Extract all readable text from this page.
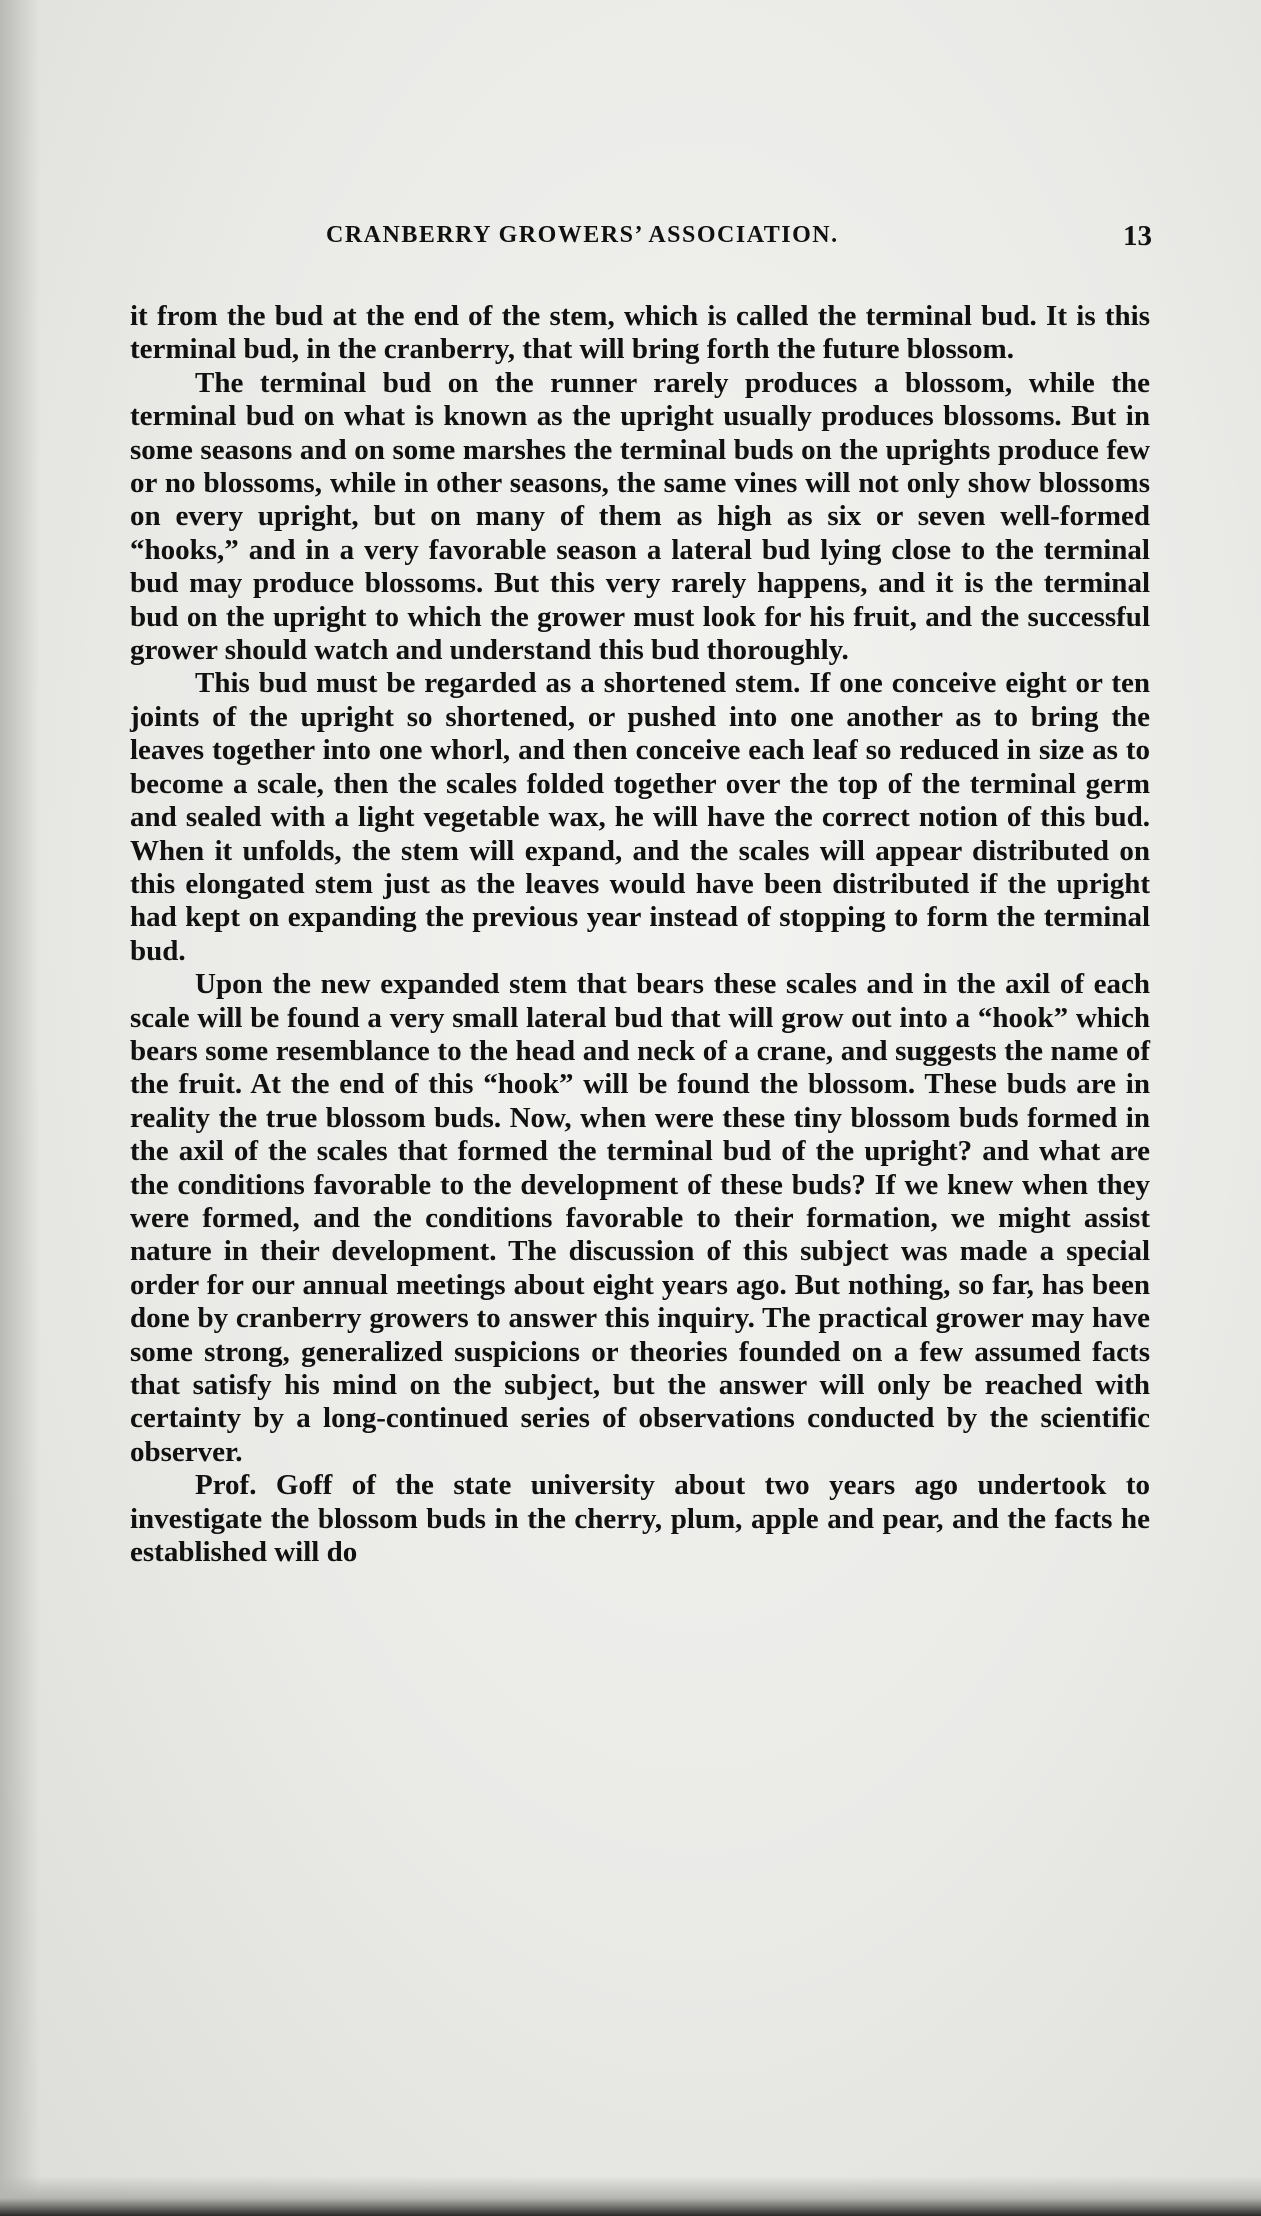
CRANBERRY GROWERS’ ASSOCIATION.	13

it from the bud at the end of the stem, which is called the terminal bud. It is this terminal bud, in the cranberry, that will bring forth the future blossom.

The terminal bud on the runner rarely produces a blossom, while the terminal bud on what is known as the upright usually produces blossoms. But in some seasons and on some marshes the terminal buds on the uprights produce few or no blossoms, while in other seasons, the same vines will not only show blossoms on every upright, but on many of them as high as six or seven well-formed “hooks,” and in a very favorable season a lateral bud lying close to the terminal bud may produce blossoms. But this very rarely happens, and it is the terminal bud on the upright to which the grower must look for his fruit, and the successful grower should watch and understand this bud thoroughly.

This bud must be regarded as a shortened stem. If one conceive eight or ten joints of the upright so shortened, or pushed into one another as to bring the leaves together into one whorl, and then conceive each leaf so reduced in size as to become a scale, then the scales folded together over the top of the terminal germ and sealed with a light vegetable wax, he will have the correct notion of this bud. When it unfolds, the stem will expand, and the scales will appear distributed on this elongated stem just as the leaves would have been distributed if the upright had kept on expanding the previous year instead of stopping to form the terminal bud.

Upon the new expanded stem that bears these scales and in the axil of each scale will be found a very small lateral bud that will grow out into a “hook” which bears some resemblance to the head and neck of a crane, and suggests the name of the fruit. At the end of this “hook” will be found the blossom. These buds are in reality the true blossom buds. Now, when were these tiny blossom buds formed in the axil of the scales that formed the terminal bud of the upright? and what are the conditions favorable to the development of these buds? If we knew when they were formed, and the conditions favorable to their formation, we might assist nature in their development. The discussion of this subject was made a special order for our annual meetings about eight years ago. But nothing, so far, has been done by cranberry growers to answer this inquiry. The practical grower may have some strong, generalized suspicions or theories founded on a few assumed facts that satisfy his mind on the subject, but the answer will only be reached with certainty by a long-continued series of observations conducted by the scientific observer.

Prof. Goff of the state university about two years ago undertook to investigate the blossom buds in the cherry, plum, apple and pear, and the facts he established will do
